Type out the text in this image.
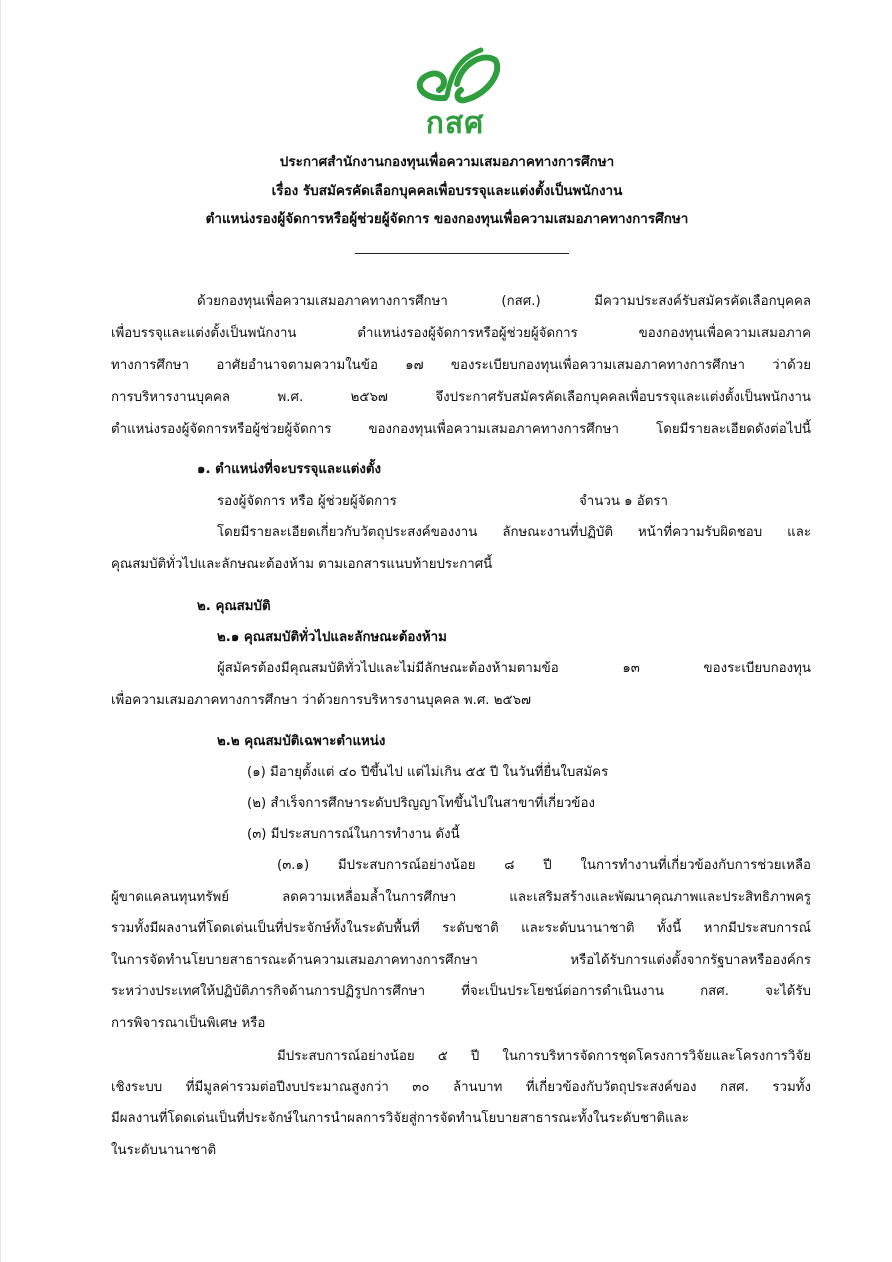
กสศ
ประกาศสำนักงานกองทุนเพื่อความเสมอภาคทางการศึกษา
เรื่อง รับสมัครคัดเลือกบุคคลเพื่อบรรจุและแต่งตั้งเป็นพนักงาน
ตำแหน่งรองผู้จัดการหรือผู้ช่วยผู้จัดการ ของกองทุนเพื่อความเสมอภาคทางการศึกษา
ด้วยกองทุนเพื่อความเสมอภาคทางการศึกษา (กสศ.) มีความประสงค์รับสมัครคัดเลือกบุคคล
เพื่อบรรจุและแต่งตั้งเป็นพนักงาน ตำแหน่งรองผู้จัดการหรือผู้ช่วยผู้จัดการ ของกองทุนเพื่อความเสมอภาค
ทางการศึกษา อาศัยอำนาจตามความในข้อ ๑๗ ของระเบียบกองทุนเพื่อความเสมอภาคทางการศึกษา ว่าด้วย
การบริหารงานบุคคล พ.ศ. ๒๕๖๗ จึงประกาศรับสมัครคัดเลือกบุคคลเพื่อบรรจุและแต่งตั้งเป็นพนักงาน
ตำแหน่งรองผู้จัดการหรือผู้ช่วยผู้จัดการ ของกองทุนเพื่อความเสมอภาคทางการศึกษา โดยมีรายละเอียดดังต่อไปนี้
๑. ตำแหน่งที่จะบรรจุและแต่งตั้ง
รองผู้จัดการ หรือ ผู้ช่วยผู้จัดการ	จำนวน ๑ อัตรา
โดยมีรายละเอียดเกี่ยวกับวัตถุประสงค์ของงาน ลักษณะงานที่ปฏิบัติ หน้าที่ความรับผิดชอบ และ
คุณสมบัติทั่วไปและลักษณะต้องห้าม ตามเอกสารแนบท้ายประกาศนี้
๒. คุณสมบัติ
๒.๑ คุณสมบัติทั่วไปและลักษณะต้องห้าม
ผู้สมัครต้องมีคุณสมบัติทั่วไปและไม่มีลักษณะต้องห้ามตามข้อ ๑๓ ของระเบียบกองทุน
เพื่อความเสมอภาคทางการศึกษา ว่าด้วยการบริหารงานบุคคล พ.ศ. ๒๕๖๗
๒.๒ คุณสมบัติเฉพาะตำแหน่ง
(๑) มีอายุตั้งแต่ ๔๐ ปีขึ้นไป แต่ไม่เกิน ๕๕ ปี ในวันที่ยื่นใบสมัคร
(๒) สำเร็จการศึกษาระดับปริญญาโทขึ้นไปในสาขาที่เกี่ยวข้อง
(๓) มีประสบการณ์ในการทำงาน ดังนี้
(๓.๑) มีประสบการณ์อย่างน้อย ๘ ปี ในการทำงานที่เกี่ยวข้องกับการช่วยเหลือ
ผู้ขาดแคลนทุนทรัพย์ ลดความเหลื่อมล้ำในการศึกษา และเสริมสร้างและพัฒนาคุณภาพและประสิทธิภาพครู
รวมทั้งมีผลงานที่โดดเด่นเป็นที่ประจักษ์ทั้งในระดับพื้นที่ ระดับชาติ และระดับนานาชาติ ทั้งนี้ หากมีประสบการณ์
ในการจัดทำนโยบายสาธารณะด้านความเสมอภาคทางการศึกษา หรือได้รับการแต่งตั้งจากรัฐบาลหรือองค์กร
ระหว่างประเทศให้ปฏิบัติภารกิจด้านการปฏิรูปการศึกษา ที่จะเป็นประโยชน์ต่อการดำเนินงาน กสศ. จะได้รับ
การพิจารณาเป็นพิเศษ หรือ
มีประสบการณ์อย่างน้อย ๕ ปี ในการบริหารจัดการชุดโครงการวิจัยและโครงการวิจัย
เชิงระบบ ที่มีมูลค่ารวมต่อปีงบประมาณสูงกว่า ๓๐ ล้านบาท ที่เกี่ยวข้องกับวัตถุประสงค์ของ กสศ. รวมทั้ง
มีผลงานที่โดดเด่นเป็นที่ประจักษ์ในการนำผลการวิจัยสู่การจัดทำนโยบายสาธารณะทั้งในระดับชาติและ
ในระดับนานาชาติ
